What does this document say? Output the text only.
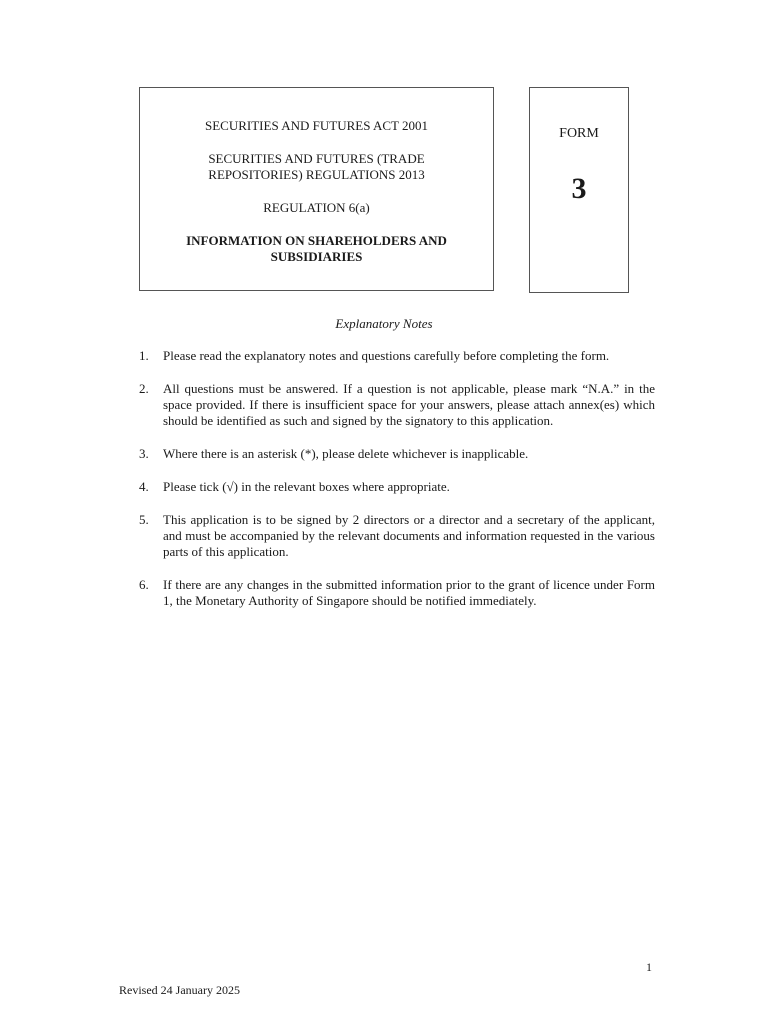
SECURITIES AND FUTURES ACT 2001

SECURITIES AND FUTURES (TRADE

REPOSITORIES) REGULATIONS 2013

REGULATION 6(a)

INFORMATION ON SHAREHOLDERS AND

SUBSIDIARIES

FORM
3
Explanatory Notes
1.	Please read the explanatory notes and questions carefully before completing the form.
2.	All questions must be answered. If a question is not applicable, please mark “N.A.” in the space provided. If there is insufficient space for your answers, please attach annex(es) which should be identified as such and signed by the signatory to this application.
3.	Where there is an asterisk (*), please delete whichever is inapplicable.
4.	Please tick (√) in the relevant boxes where appropriate.
5.	This application is to be signed by 2 directors or a director and a secretary of the applicant, and must be accompanied by the relevant documents and information requested in the various parts of this application.
6.	If there are any changes in the submitted information prior to the grant of licence under Form 1, the Monetary Authority of Singapore should be notified immediately.
1
Revised 24 January 2025
